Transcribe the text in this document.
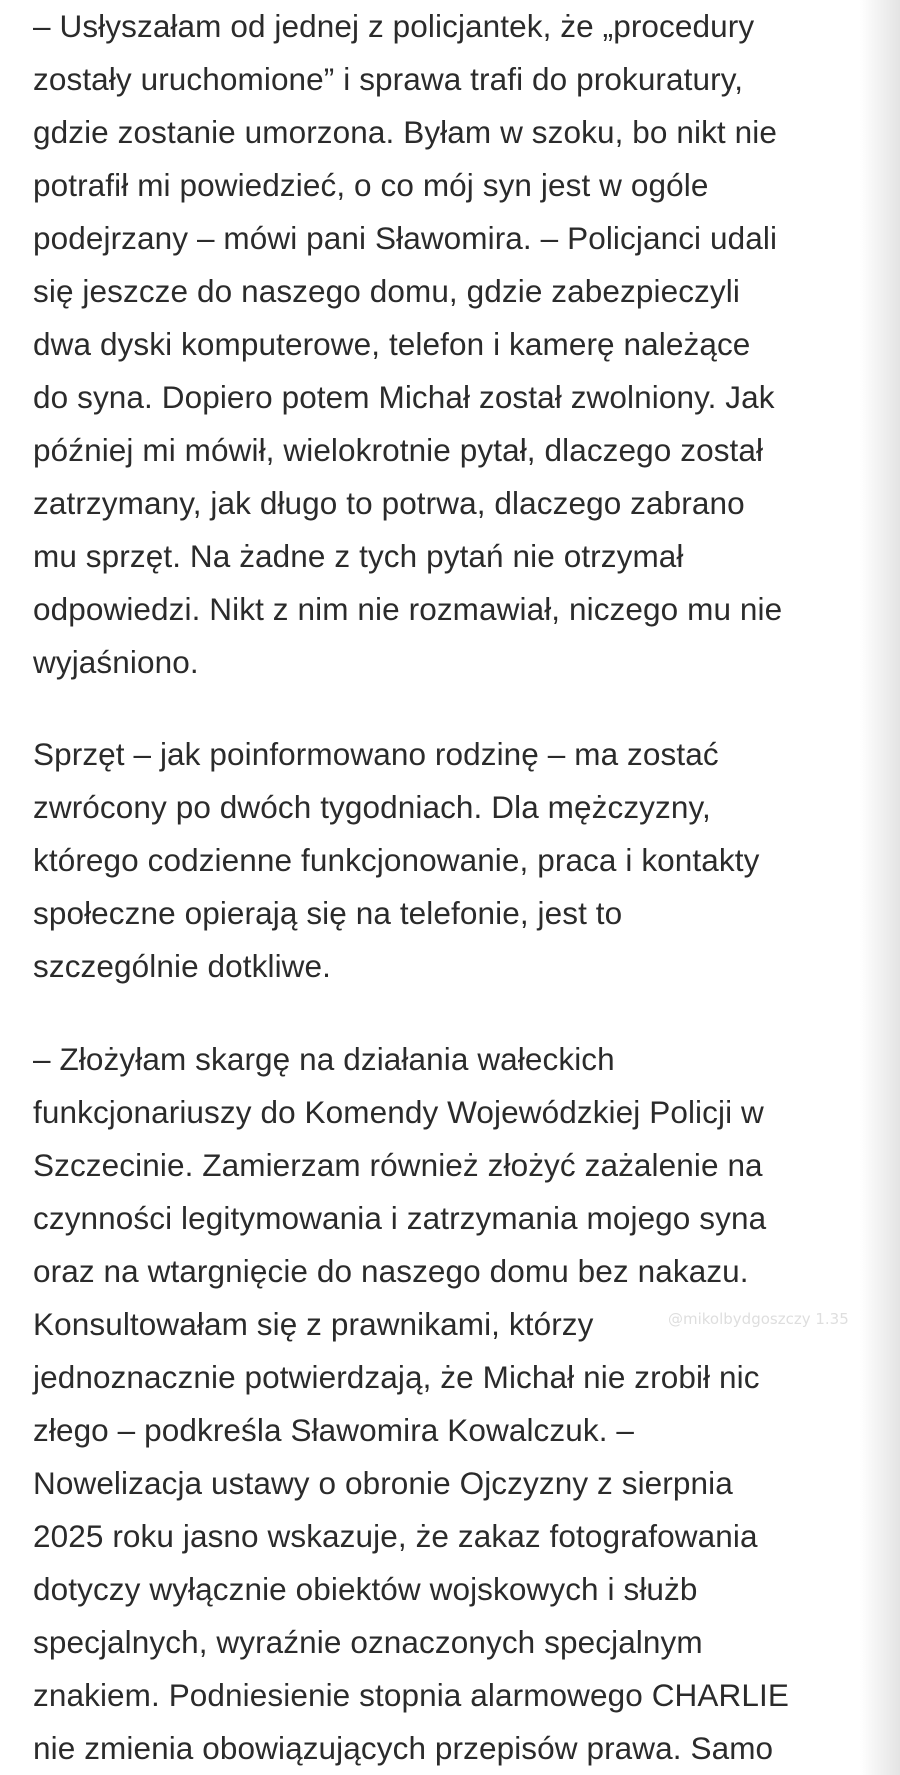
– Usłyszałam od jednej z policjantek, że „procedury
zostały uruchomione” i sprawa trafi do prokuratury,
gdzie zostanie umorzona. Byłam w szoku, bo nikt nie
potrafił mi powiedzieć, o co mój syn jest w ogóle
podejrzany – mówi pani Sławomira. – Policjanci udali
się jeszcze do naszego domu, gdzie zabezpieczyli
dwa dyski komputerowe, telefon i kamerę należące
do syna. Dopiero potem Michał został zwolniony. Jak
później mi mówił, wielokrotnie pytał, dlaczego został
zatrzymany, jak długo to potrwa, dlaczego zabrano
mu sprzęt. Na żadne z tych pytań nie otrzymał
odpowiedzi. Nikt z nim nie rozmawiał, niczego mu nie
wyjaśniono.

Sprzęt – jak poinformowano rodzinę – ma zostać
zwrócony po dwóch tygodniach. Dla mężczyzny,
którego codzienne funkcjonowanie, praca i kontakty
społeczne opierają się na telefonie, jest to
szczególnie dotkliwe.

– Złożyłam skargę na działania wałeckich
funkcjonariuszy do Komendy Wojewódzkiej Policji w
Szczecinie. Zamierzam również złożyć zażalenie na
czynności legitymowania i zatrzymania mojego syna
oraz na wtargnięcie do naszego domu bez nakazu.
Konsultowałam się z prawnikami, którzy
jednoznacznie potwierdzają, że Michał nie zrobił nic
złego – podkreśla Sławomira Kowalczuk. –
Nowelizacja ustawy o obronie Ojczyzny z sierpnia
2025 roku jasno wskazuje, że zakaz fotografowania
dotyczy wyłącznie obiektów wojskowych i służb
specjalnych, wyraźnie oznaczonych specjalnym
znakiem. Podniesienie stopnia alarmowego CHARLIE
nie zmienia obowiązujących przepisów prawa. Samo

@mikolbydgoszczy 1.35
